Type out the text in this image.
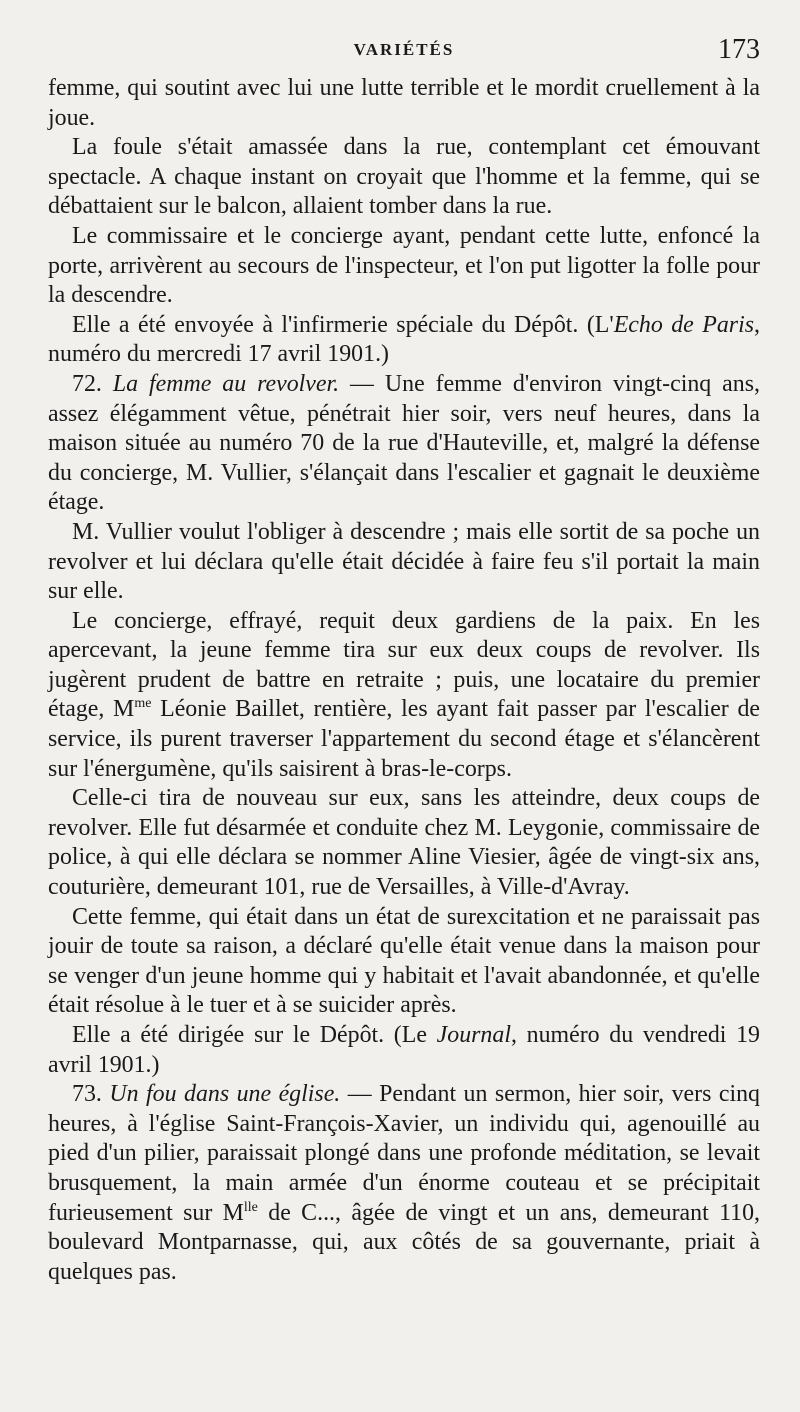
VARIÉTÉS	173

femme, qui soutint avec lui une lutte terrible et le mordit cruellement à la joue.

La foule s'était amassée dans la rue, contemplant cet émouvant spectacle. A chaque instant on croyait que l'homme et la femme, qui se débattaient sur le balcon, allaient tomber dans la rue.

Le commissaire et le concierge ayant, pendant cette lutte, enfoncé la porte, arrivèrent au secours de l'inspecteur, et l'on put ligotter la folle pour la descendre.

Elle a été envoyée à l'infirmerie spéciale du Dépôt. (L'Echo de Paris, numéro du mercredi 17 avril 1901.)

72. La femme au revolver. — Une femme d'environ vingt-cinq ans, assez élégamment vêtue, pénétrait hier soir, vers neuf heures, dans la maison située au numéro 70 de la rue d'Hauteville, et, malgré la défense du concierge, M. Vullier, s'élançait dans l'escalier et gagnait le deuxième étage.

M. Vullier voulut l'obliger à descendre ; mais elle sortit de sa poche un revolver et lui déclara qu'elle était décidée à faire feu s'il portait la main sur elle.

Le concierge, effrayé, requit deux gardiens de la paix. En les apercevant, la jeune femme tira sur eux deux coups de revolver. Ils jugèrent prudent de battre en retraite ; puis, une locataire du premier étage, $M^{me}$ Léonie Baillet, rentière, les ayant fait passer par l'escalier de service, ils purent traverser l'appartement du second étage et s'élancèrent sur l'énergumène, qu'ils saisirent à bras-le-corps.

Celle-ci tira de nouveau sur eux, sans les atteindre, deux coups de revolver. Elle fut désarmée et conduite chez M. Leygonie, commissaire de police, à qui elle déclara se nommer Aline Viesier, âgée de vingt-six ans, couturière, demeurant 101, rue de Versailles, à Ville-d'Avray.

Cette femme, qui était dans un état de surexcitation et ne paraissait pas jouir de toute sa raison, a déclaré qu'elle était venue dans la maison pour se venger d'un jeune homme qui y habitait et l'avait abandonnée, et qu'elle était résolue à le tuer et à se suicider après.

Elle a été dirigée sur le Dépôt. (Le Journal, numéro du vendredi 19 avril 1901.)

73. Un fou dans une église. — Pendant un sermon, hier soir, vers cinq heures, à l'église Saint-François-Xavier, un individu qui, agenouillé au pied d'un pilier, paraissait plongé dans une profonde méditation, se levait brusquement, la main armée d'un énorme couteau et se précipitait furieusement sur $M^{lle}$ de C..., âgée de vingt et un ans, demeurant 110, boulevard Montparnasse, qui, aux côtés de sa gouvernante, priait à quelques pas.
